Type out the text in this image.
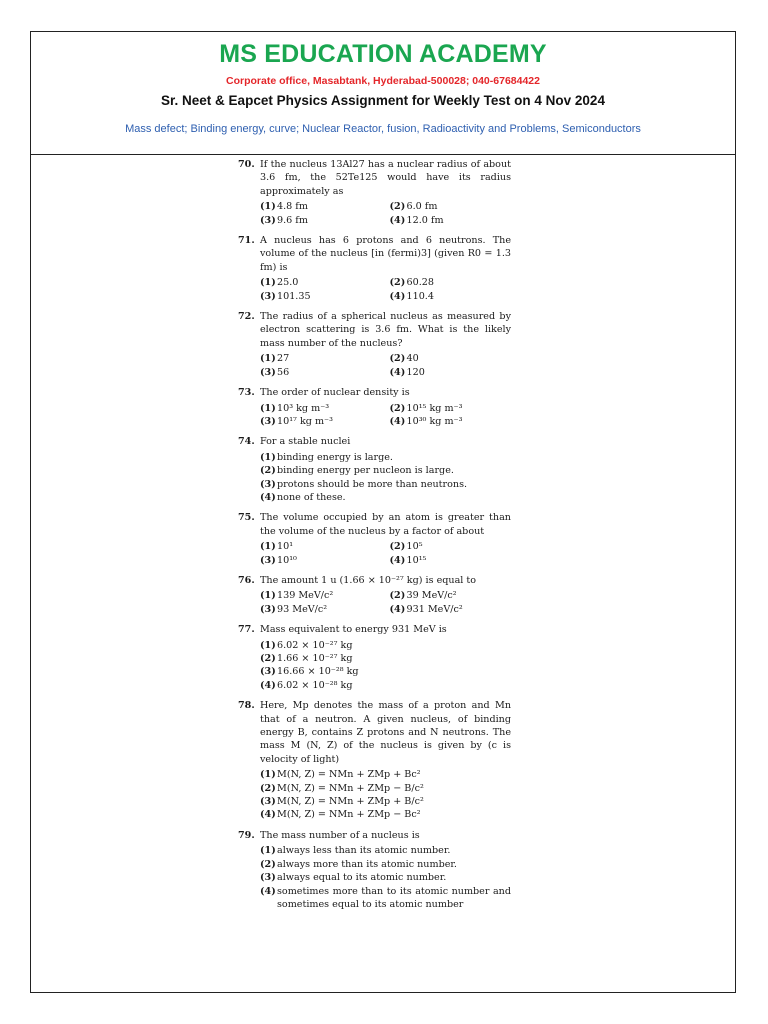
MS EDUCATION ACADEMY
Corporate office, Masabtank, Hyderabad-500028; 040-67684422
Sr. Neet & Eapcet Physics Assignment for Weekly Test on 4 Nov 2024
Mass defect; Binding energy, curve; Nuclear Reactor, fusion, Radioactivity and Problems, Semiconductors
70. If the nucleus 13Al27 has a nuclear radius of about 3.6 fm, the 52Te125 would have its radius approximately as
(1) 4.8 fm	(2) 6.0 fm
(3) 9.6 fm	(4) 12.0 fm
71. A nucleus has 6 protons and 6 neutrons. The volume of the nucleus [in (fermi)3] (given R0 = 1.3 fm) is
(1) 25.0	(2) 60.28
(3) 101.35	(4) 110.4
72. The radius of a spherical nucleus as measured by electron scattering is 3.6 fm. What is the likely mass number of the nucleus?
(1) 27	(2) 40
(3) 56	(4) 120
73. The order of nuclear density is
(1) 10³ kg m⁻³	(2) 10¹⁵ kg m⁻³
(3) 10¹⁷ kg m⁻³	(4) 10³⁰ kg m⁻³
74. For a stable nuclei
(1) binding energy is large.
(2) binding energy per nucleon is large.
(3) protons should be more than neutrons.
(4) none of these.
75. The volume occupied by an atom is greater than the volume of the nucleus by a factor of about
(1) 10¹	(2) 10⁵
(3) 10¹⁰	(4) 10¹⁵
76. The amount 1 u (1.66 × 10⁻²⁷ kg) is equal to
(1) 139 MeV/c²	(2) 39 MeV/c²
(3) 93 MeV/c²	(4) 931 MeV/c²
77. Mass equivalent to energy 931 MeV is
(1) 6.02 × 10⁻²⁷ kg
(2) 1.66 × 10⁻²⁷ kg
(3) 16.66 × 10⁻²⁸ kg
(4) 6.02 × 10⁻²⁸ kg
78. Here, Mp denotes the mass of a proton and Mn that of a neutron. A given nucleus, of binding energy B, contains Z protons and N neutrons. The mass M (N, Z) of the nucleus is given by (c is velocity of light)
(1) M(N, Z) = NMn + ZMp + Bc²
(2) M(N, Z) = NMn + ZMp − B/c²
(3) M(N, Z) = NMn + ZMp + B/c²
(4) M(N, Z) = NMn + ZMp − Bc²
79. The mass number of a nucleus is
(1) always less than its atomic number.
(2) always more than its atomic number.
(3) always equal to its atomic number.
(4) sometimes more than to its atomic number and sometimes equal to its atomic number
